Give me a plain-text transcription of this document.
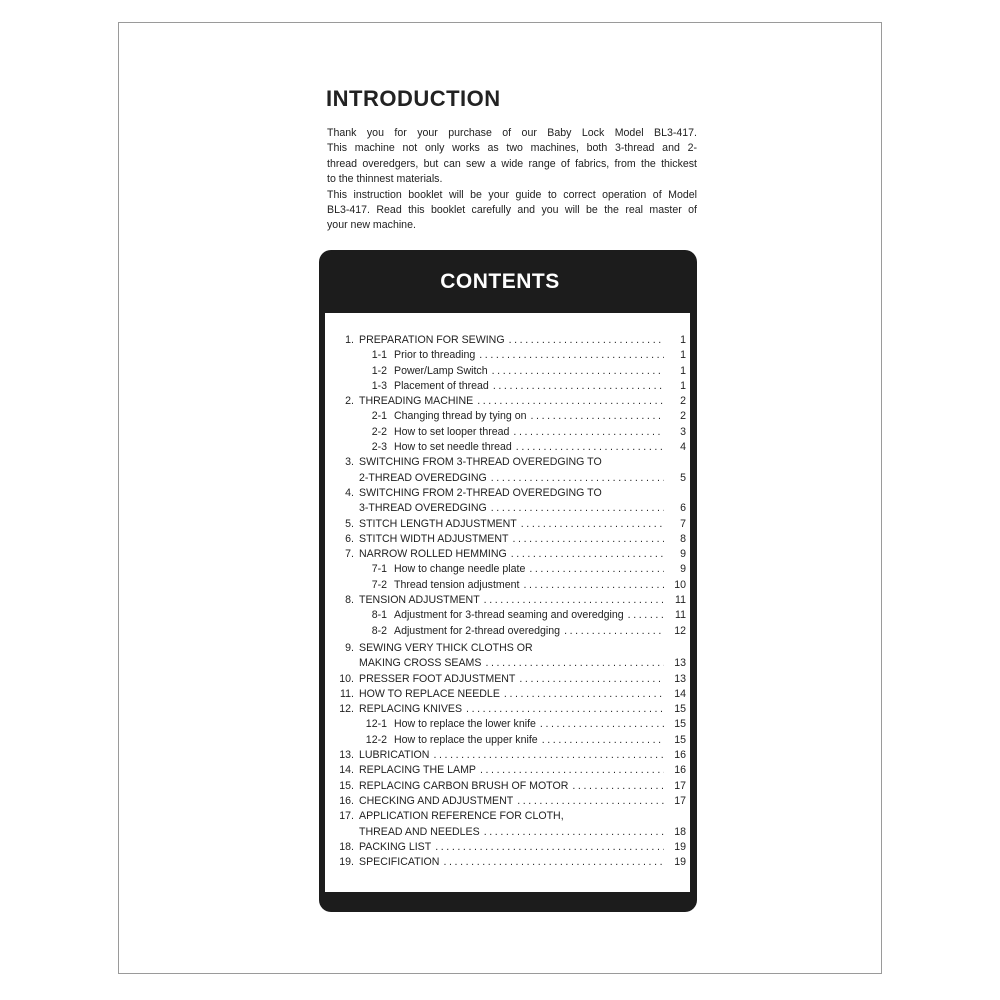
INTRODUCTION
Thank you for your purchase of our Baby Lock Model BL3-417.
This machine not only works as two machines, both 3-thread and 2-
thread overedgers, but can sew a wide range of fabrics, from the thickest
to the thinnest materials.
This instruction booklet will be your guide to correct operation of Model
BL3-417. Read this booklet carefully and you will be the real master of
your new machine.
CONTENTS
1. PREPARATION FOR SEWING .....	1
1-1 Prior to threading .....	1
1-2 Power/Lamp Switch .....	1
1-3 Placement of thread .....	1
2. THREADING MACHINE .....	2
2-1 Changing thread by tying on .....	2
2-2 How to set looper thread .....	3
2-3 How to set needle thread .....	4
3. SWITCHING FROM 3-THREAD OVEREDGING TO
2-THREAD OVEREDGING .....	5
4. SWITCHING FROM 2-THREAD OVEREDGING TO
3-THREAD OVEREDGING .....	6
5. STITCH LENGTH ADJUSTMENT .....	7
6. STITCH WIDTH ADJUSTMENT .....	8
7. NARROW ROLLED HEMMING .....	9
7-1 How to change needle plate .....	9
7-2 Thread tension adjustment .....	10
8. TENSION ADJUSTMENT .....	11
8-1 Adjustment for 3-thread seaming and overedging .....	11
8-2 Adjustment for 2-thread overedging .....	12
9. SEWING VERY THICK CLOTHS OR
MAKING CROSS SEAMS .....	13
10. PRESSER FOOT ADJUSTMENT .....	13
11. HOW TO REPLACE NEEDLE .....	14
12. REPLACING KNIVES .....	15
12-1 How to replace the lower knife .....	15
12-2 How to replace the upper knife .....	15
13. LUBRICATION .....	16
14. REPLACING THE LAMP .....	16
15. REPLACING CARBON BRUSH OF MOTOR .....	17
16. CHECKING AND ADJUSTMENT .....	17
17. APPLICATION REFERENCE FOR CLOTH,
THREAD AND NEEDLES .....	18
18. PACKING LIST .....	19
19. SPECIFICATION .....	19
